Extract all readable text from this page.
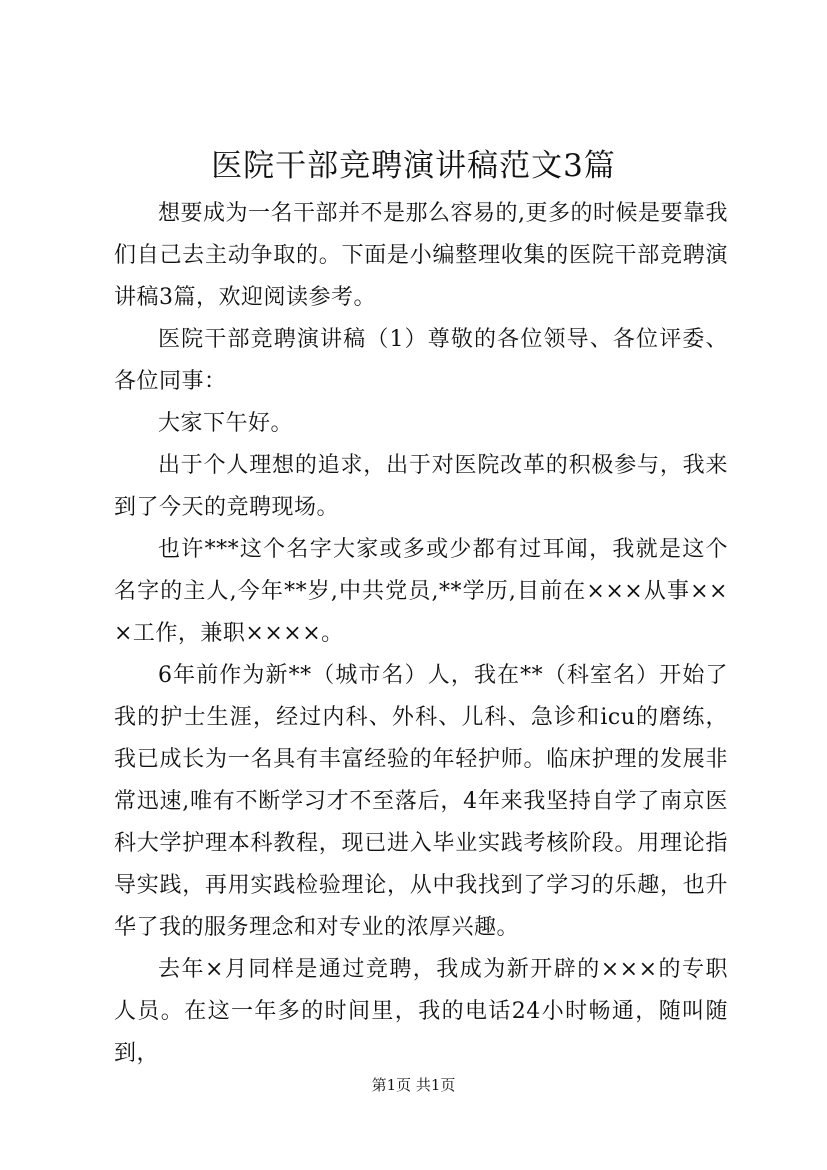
医院干部竞聘演讲稿范文3篇

想要成为一名干部并不是那么容易的,更多的时候是要靠我们自己去主动争取的。下面是小编整理收集的医院干部竞聘演讲稿3篇，欢迎阅读参考。

医院干部竞聘演讲稿（1）尊敬的各位领导、各位评委、各位同事：

大家下午好。

出于个人理想的追求，出于对医院改革的积极参与，我来到了今天的竞聘现场。

也许***这个名字大家或多或少都有过耳闻，我就是这个名字的主人,今年**岁,中共党员,**学历,目前在×××从事×××工作，兼职××××。

6年前作为新**（城市名）人，我在**（科室名）开始了我的护士生涯，经过内科、外科、儿科、急诊和icu的磨练，我已成长为一名具有丰富经验的年轻护师。临床护理的发展非常迅速,唯有不断学习才不至落后，4年来我坚持自学了南京医科大学护理本科教程，现已进入毕业实践考核阶段。用理论指导实践，再用实践检验理论，从中我找到了学习的乐趣，也升华了我的服务理念和对专业的浓厚兴趣。

去年×月同样是通过竞聘，我成为新开辟的×××的专职人员。在这一年多的时间里，我的电话24小时畅通，随叫随到，

第1页 共1页
